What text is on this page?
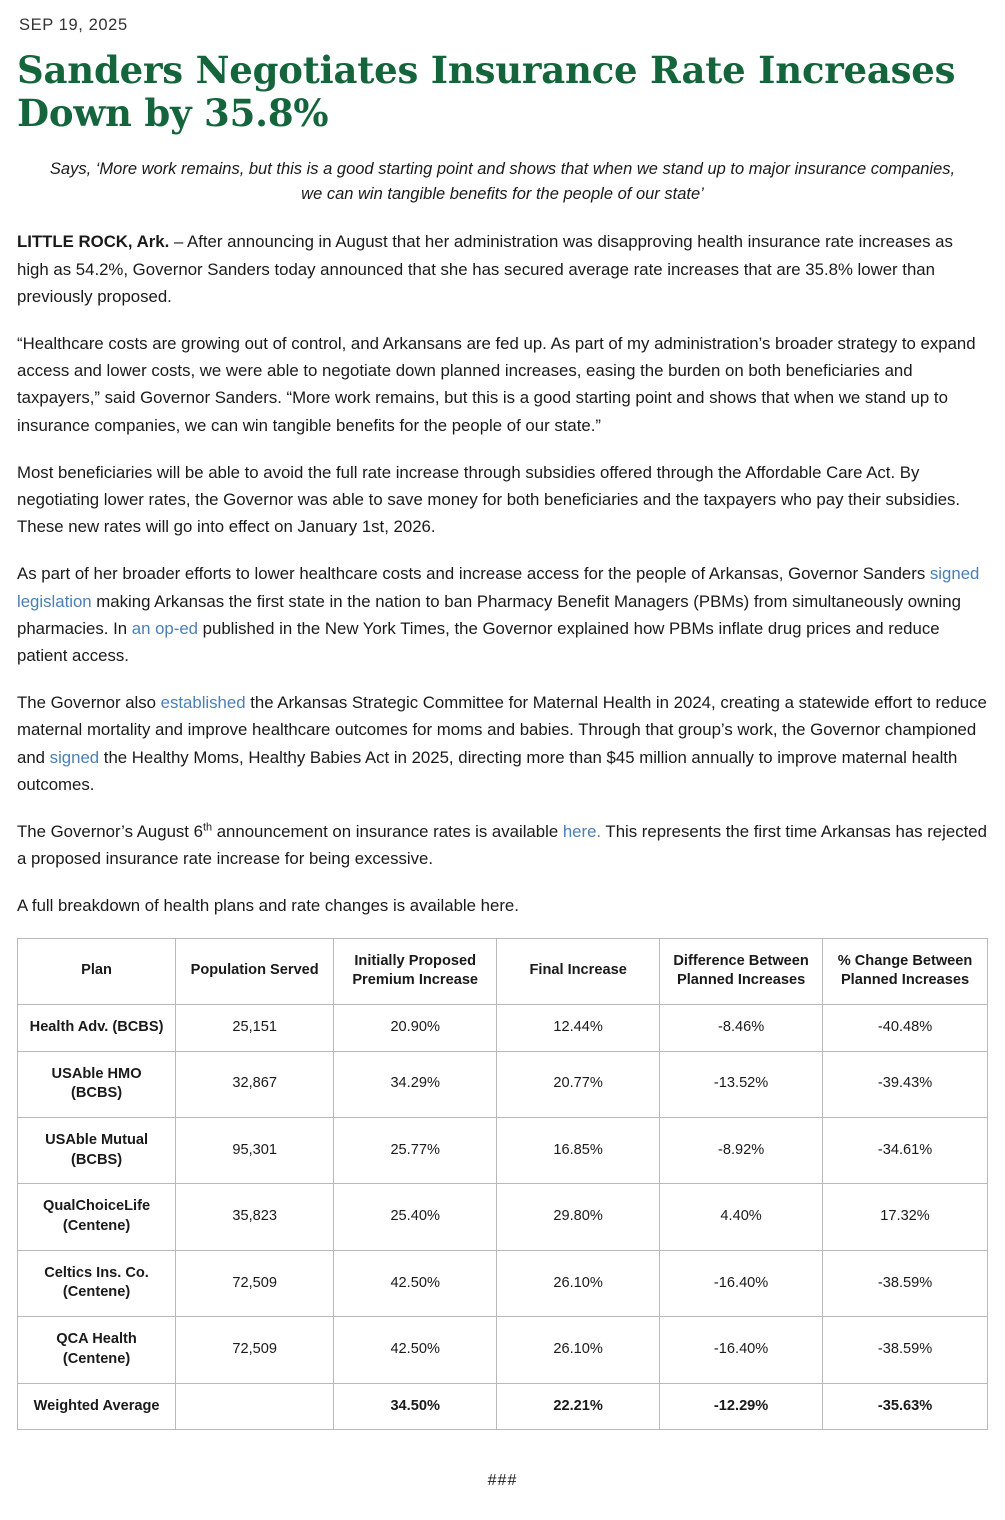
SEP 19, 2025
Sanders Negotiates Insurance Rate Increases Down by 35.8%
Says, ‘More work remains, but this is a good starting point and shows that when we stand up to major insurance companies, we can win tangible benefits for the people of our state’

LITTLE ROCK, Ark. – After announcing in August that her administration was disapproving health insurance rate increases as high as 54.2%, Governor Sanders today announced that she has secured average rate increases that are 35.8% lower than previously proposed.

“Healthcare costs are growing out of control, and Arkansans are fed up. As part of my administration’s broader strategy to expand access and lower costs, we were able to negotiate down planned increases, easing the burden on both beneficiaries and taxpayers,” said Governor Sanders. “More work remains, but this is a good starting point and shows that when we stand up to insurance companies, we can win tangible benefits for the people of our state.”

Most beneficiaries will be able to avoid the full rate increase through subsidies offered through the Affordable Care Act. By negotiating lower rates, the Governor was able to save money for both beneficiaries and the taxpayers who pay their subsidies. These new rates will go into effect on January 1st, 2026.

As part of her broader efforts to lower healthcare costs and increase access for the people of Arkansas, Governor Sanders signed legislation making Arkansas the first state in the nation to ban Pharmacy Benefit Managers (PBMs) from simultaneously owning pharmacies. In an op-ed published in the New York Times, the Governor explained how PBMs inflate drug prices and reduce patient access.

The Governor also established the Arkansas Strategic Committee for Maternal Health in 2024, creating a statewide effort to reduce maternal mortality and improve healthcare outcomes for moms and babies. Through that group’s work, the Governor championed and signed the Healthy Moms, Healthy Babies Act in 2025, directing more than $45 million annually to improve maternal health outcomes.

The Governor’s August 6th announcement on insurance rates is available here. This represents the first time Arkansas has rejected a proposed insurance rate increase for being excessive.

A full breakdown of health plans and rate changes is available here.

Plan	Population Served	Initially Proposed Premium Increase	Final Increase	Difference Between Planned Increases	% Change Between Planned Increases
Health Adv. (BCBS)	25,151	20.90%	12.44%	-8.46%	-40.48%
USAble HMO (BCBS)	32,867	34.29%	20.77%	-13.52%	-39.43%
USAble Mutual (BCBS)	95,301	25.77%	16.85%	-8.92%	-34.61%
QualChoiceLife (Centene)	35,823	25.40%	29.80%	4.40%	17.32%
Celtics Ins. Co. (Centene)	72,509	42.50%	26.10%	-16.40%	-38.59%
QCA Health (Centene)	72,509	42.50%	26.10%	-16.40%	-38.59%
Weighted Average		34.50%	22.21%	-12.29%	-35.63%
###
